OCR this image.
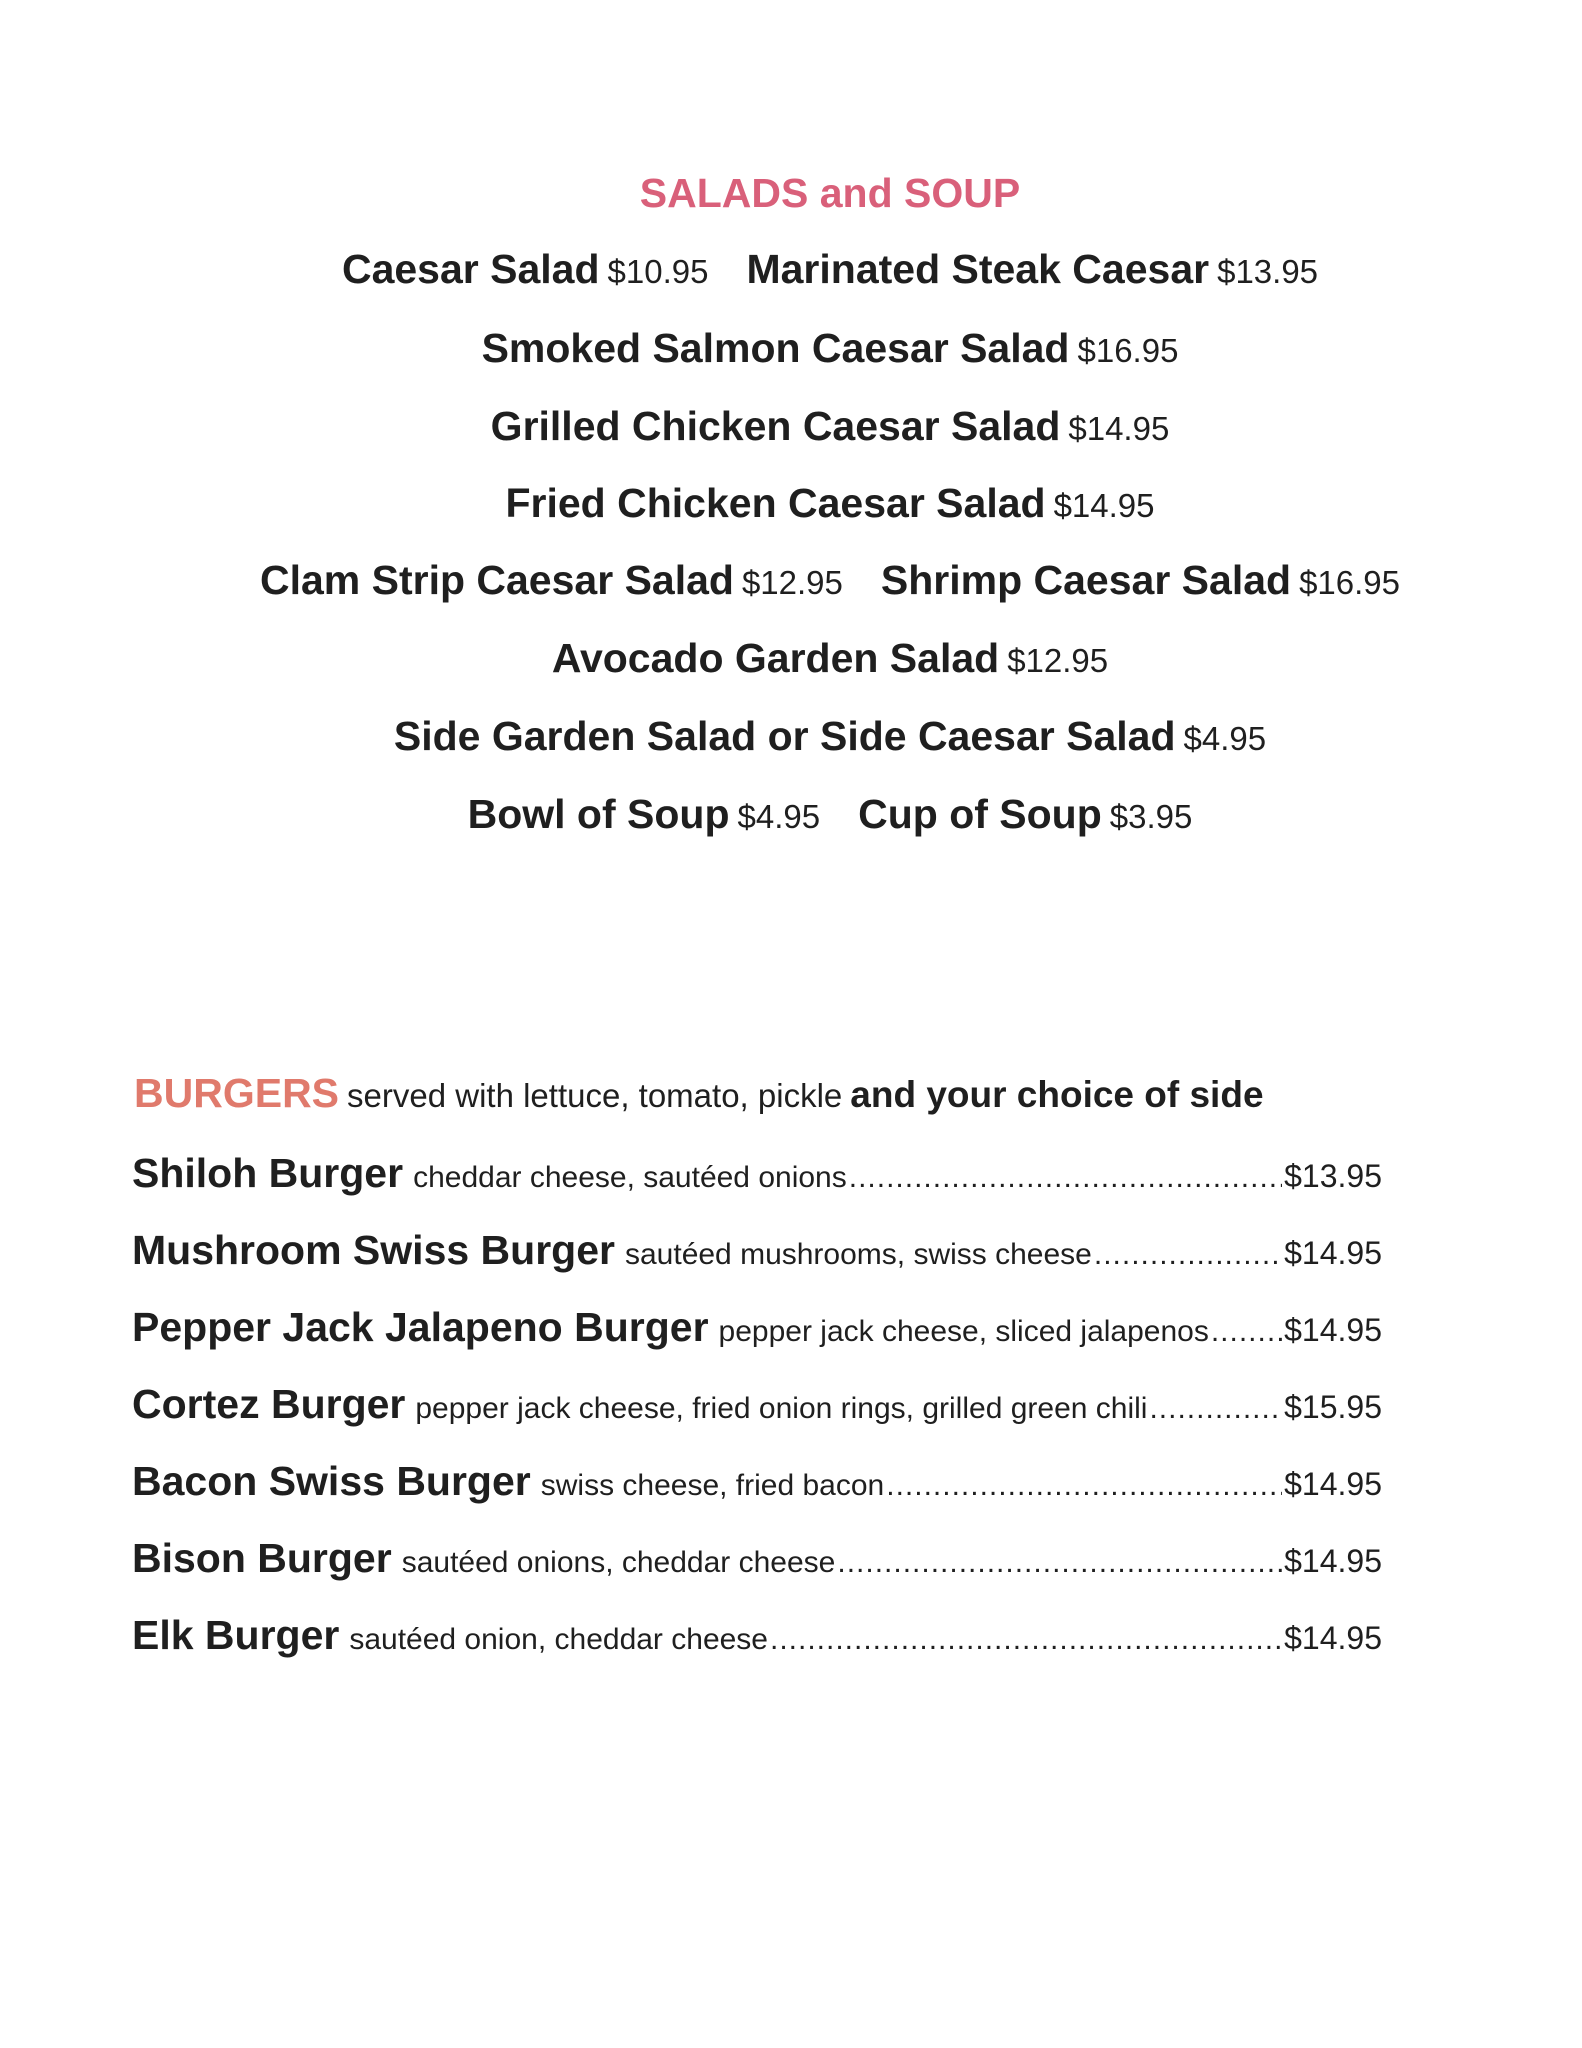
SALADS and SOUP
Caesar Salad $10.95 Marinated Steak Caesar $13.95
Smoked Salmon Caesar Salad $16.95
Grilled Chicken Caesar Salad $14.95
Fried Chicken Caesar Salad $14.95
Clam Strip Caesar Salad $12.95 Shrimp Caesar Salad $16.95
Avocado Garden Salad $12.95
Side Garden Salad or Side Caesar Salad $4.95
Bowl of Soup $4.95 Cup of Soup $3.95
BURGERS served with lettuce, tomato, pickle and your choice of side
Shiloh Burger cheddar cheese, sautéed onions .....	$13.95
Mushroom Swiss Burger sautéed mushrooms, swiss cheese .....	$14.95
Pepper Jack Jalapeno Burger pepper jack cheese, sliced jalapenos ..... $14.95
Cortez Burger pepper jack cheese, fried onion rings, grilled green chili .....	$15.95
Bacon Swiss Burger swiss cheese, fried bacon .....	$14.95
Bison Burger sautéed onions, cheddar cheese .....	$14.95
Elk Burger sautéed onion, cheddar cheese .....	$14.95
